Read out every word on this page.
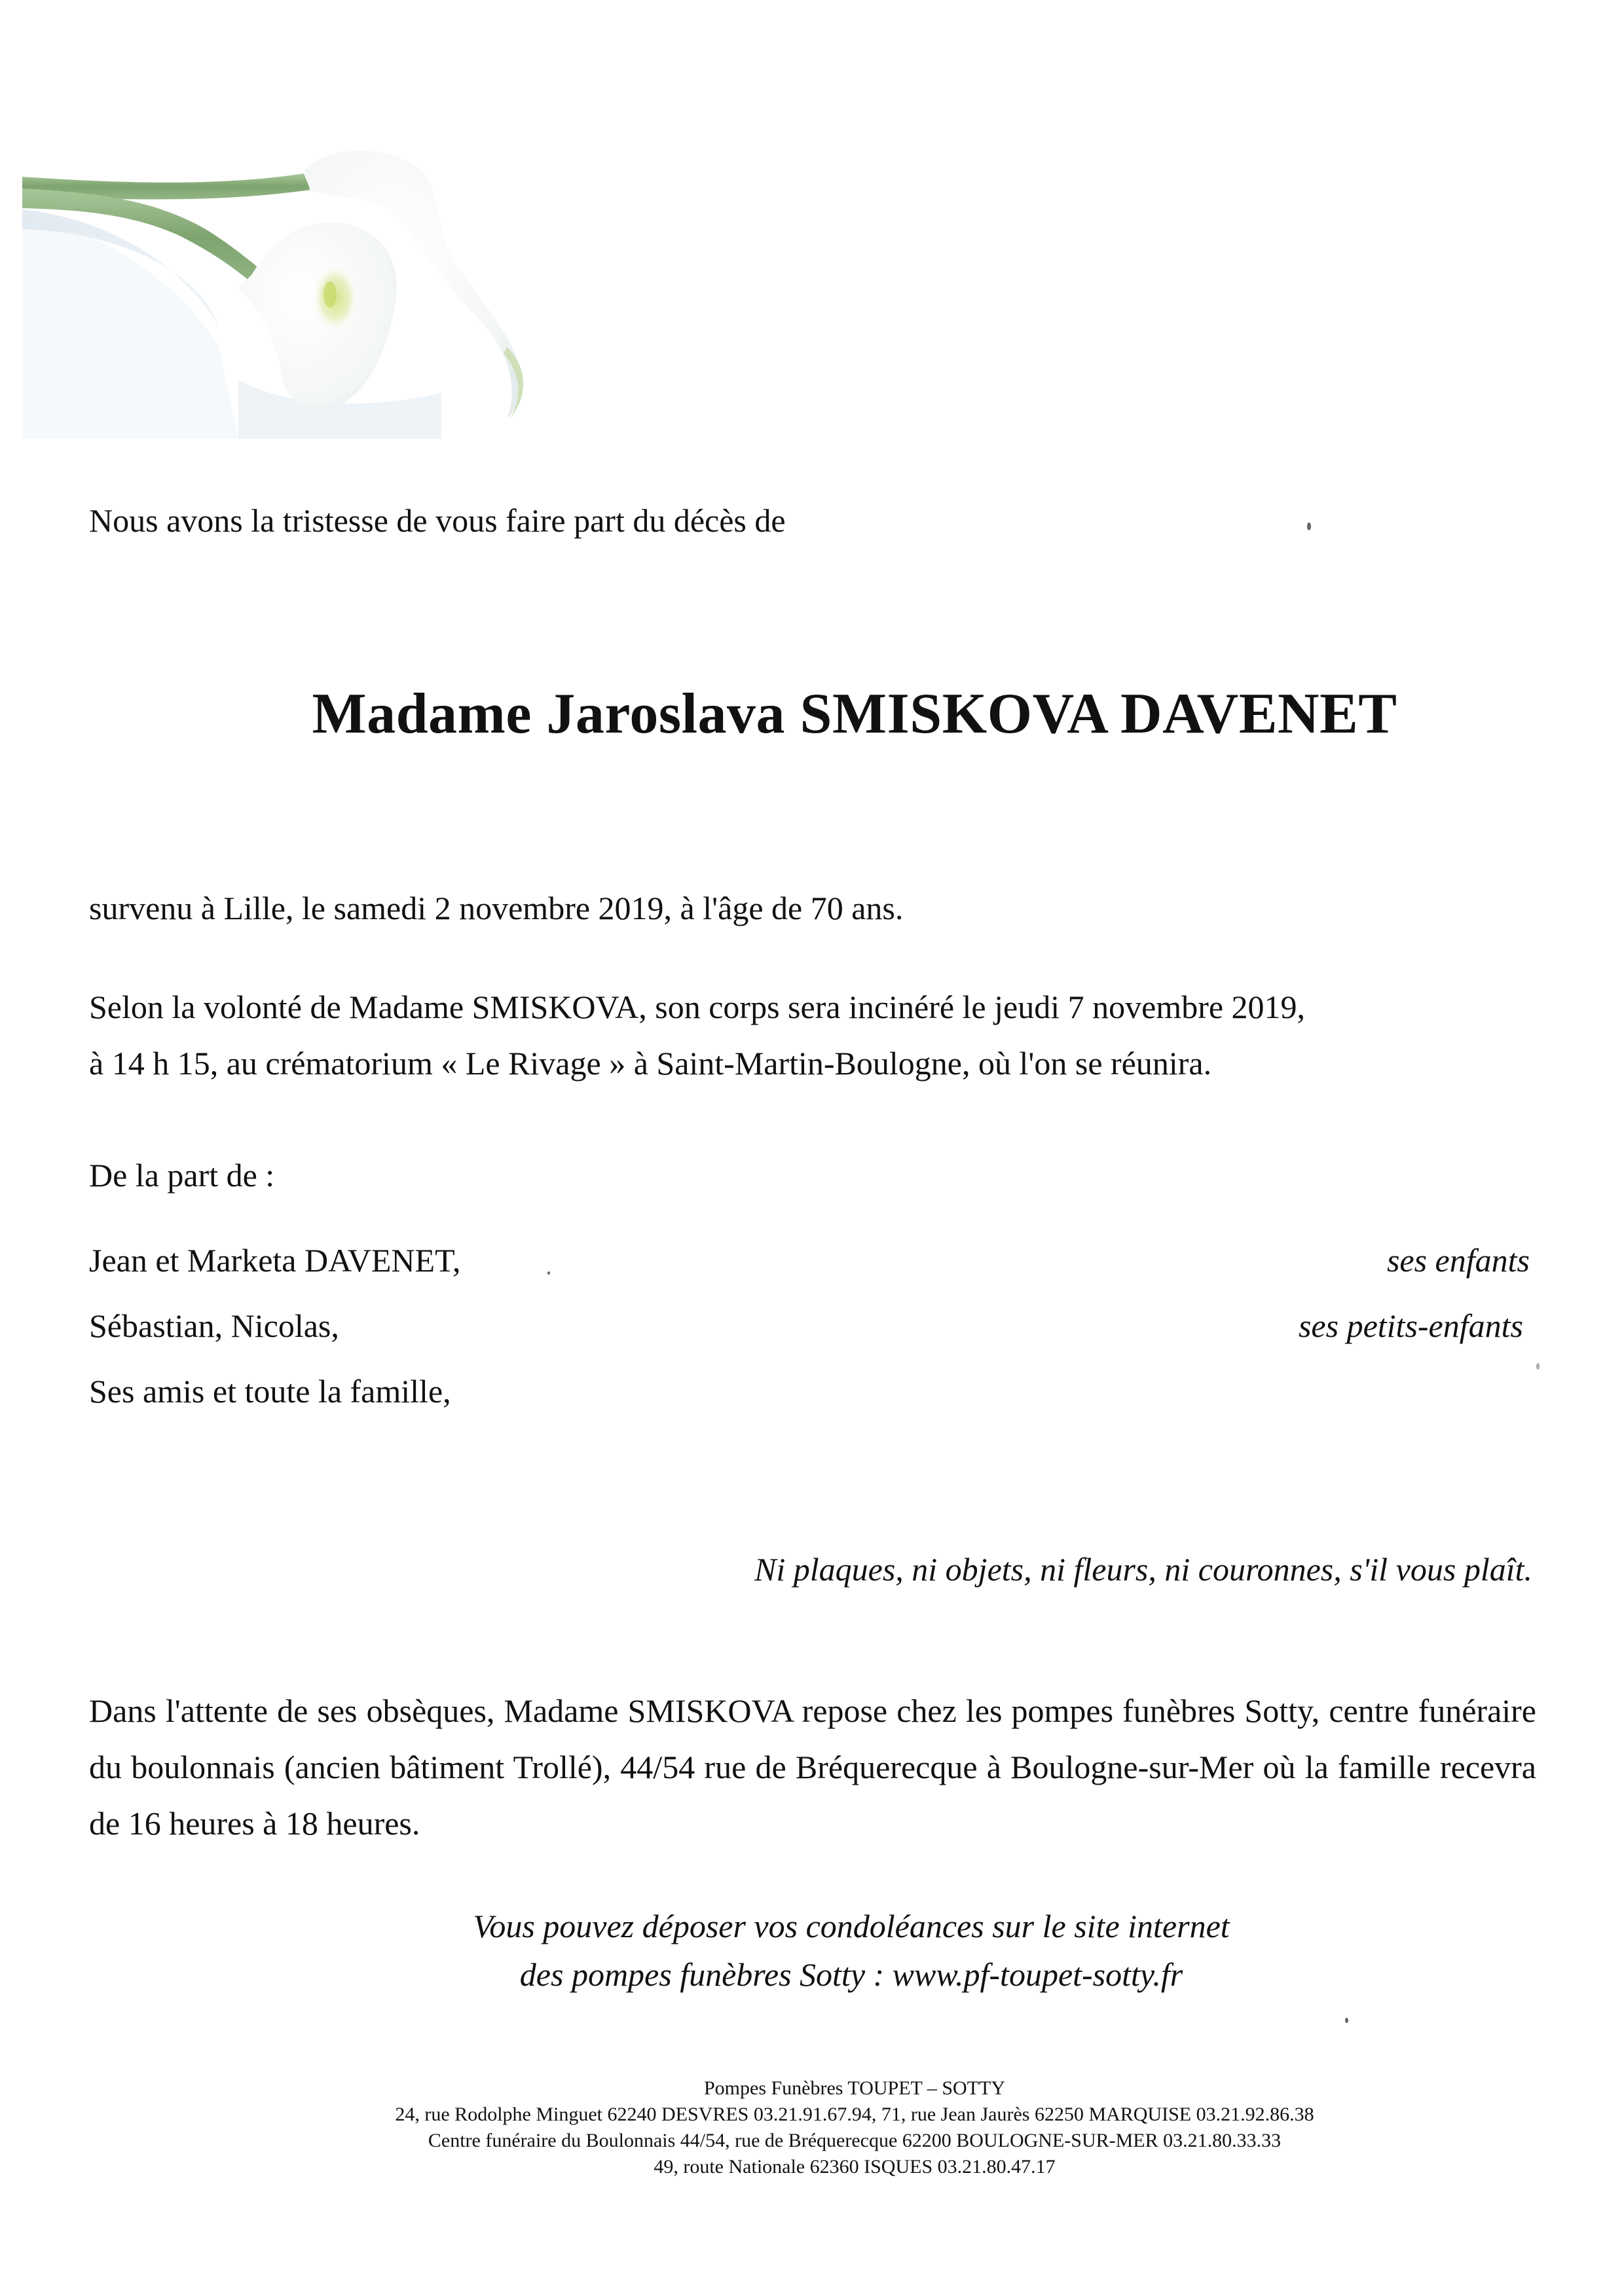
Nous avons la tristesse de vous faire part du décès de
Madame Jaroslava SMISKOVA DAVENET
survenu à Lille, le samedi 2 novembre 2019, à l'âge de 70 ans.
Selon la volonté de Madame SMISKOVA, son corps sera incinéré le jeudi 7 novembre 2019,
à 14 h 15, au crématorium « Le Rivage » à Saint-Martin-Boulogne, où l'on se réunira.
De la part de :
Jean et Marketa DAVENET,	ses enfants
Sébastian, Nicolas,	ses petits-enfants
Ses amis et toute la famille,
Ni plaques, ni objets, ni fleurs, ni couronnes, s'il vous plaît.
Dans l'attente de ses obsèques, Madame SMISKOVA repose chez les pompes funèbres Sotty, centre funéraire du boulonnais (ancien bâtiment Trollé), 44/54 rue de Bréquerecque à Boulogne-sur-Mer où la famille recevra de 16 heures à 18 heures.
Vous pouvez déposer vos condoléances sur le site internet
des pompes funèbres Sotty : www.pf-toupet-sotty.fr
Pompes Funèbres TOUPET – SOTTY
24, rue Rodolphe Minguet 62240 DESVRES 03.21.91.67.94, 71, rue Jean Jaurès 62250 MARQUISE 03.21.92.86.38
Centre funéraire du Boulonnais 44/54, rue de Bréquerecque 62200 BOULOGNE-SUR-MER 03.21.80.33.33
49, route Nationale 62360 ISQUES 03.21.80.47.17
